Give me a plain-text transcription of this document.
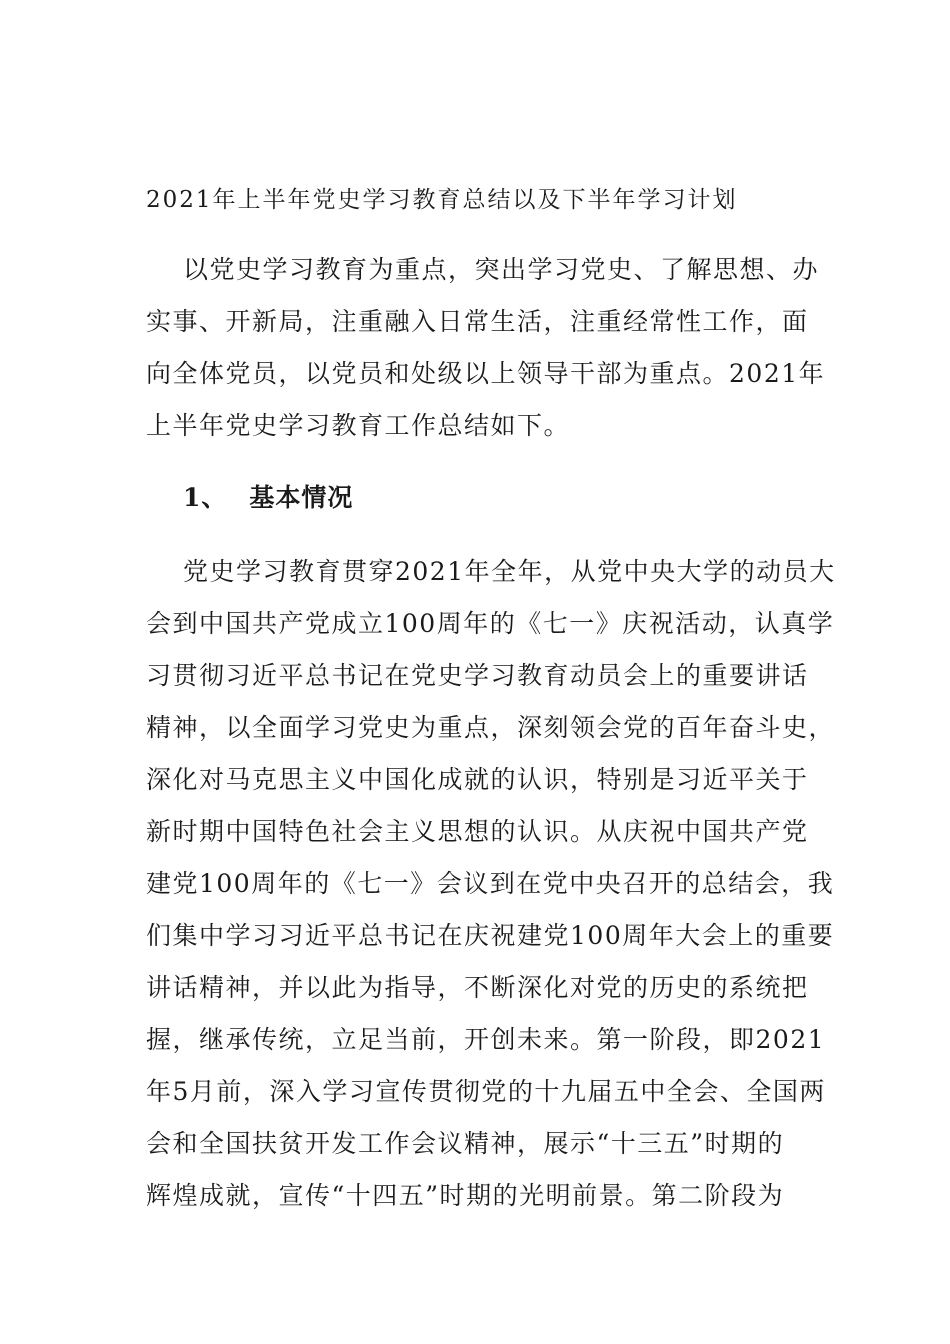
2021年上半年党史学习教育总结以及下半年学习计划
以党史学习教育为重点，突出学习党史、了解思想、办
实事、开新局，注重融入日常生活，注重经常性工作，面
向全体党员，以党员和处级以上领导干部为重点。2021年
上半年党史学习教育工作总结如下。
1、 基本情况
党史学习教育贯穿2021年全年，从党中央大学的动员大
会到中国共产党成立100周年的《七一》庆祝活动，认真学
习贯彻习近平总书记在党史学习教育动员会上的重要讲话
精神，以全面学习党史为重点，深刻领会党的百年奋斗史，
深化对马克思主义中国化成就的认识，特别是习近平关于
新时期中国特色社会主义思想的认识。从庆祝中国共产党
建党100周年的《七一》会议到在党中央召开的总结会，我
们集中学习习近平总书记在庆祝建党100周年大会上的重要
讲话精神，并以此为指导，不断深化对党的历史的系统把
握，继承传统，立足当前，开创未来。第一阶段，即2021
年5月前，深入学习宣传贯彻党的十九届五中全会、全国两
会和全国扶贫开发工作会议精神，展示“十三五”时期的
辉煌成就，宣传“十四五”时期的光明前景。第二阶段为
